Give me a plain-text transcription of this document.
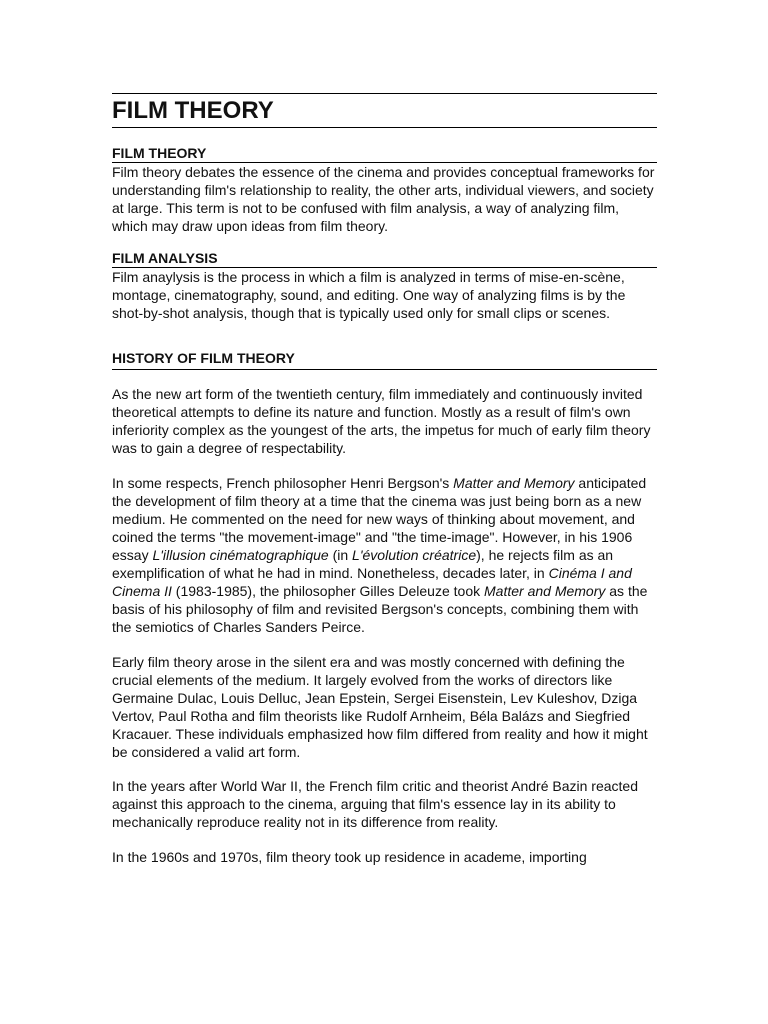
FILM THEORY
FILM THEORY

Film theory debates the essence of the cinema and provides conceptual frameworks for understanding film's relationship to reality, the other arts, individual viewers, and society at large. This term is not to be confused with film analysis, a way of analyzing film, which may draw upon ideas from film theory.

FILM ANALYSIS

Film anaylysis is the process in which a film is analyzed in terms of mise-en-scène, montage, cinematography, sound, and editing. One way of analyzing films is by the shot-by-shot analysis, though that is typically used only for small clips or scenes.

HISTORY OF FILM THEORY

As the new art form of the twentieth century, film immediately and continuously invited theoretical attempts to define its nature and function. Mostly as a result of film's own inferiority complex as the youngest of the arts, the impetus for much of early film theory was to gain a degree of respectability.

In some respects, French philosopher Henri Bergson's Matter and Memory anticipated the development of film theory at a time that the cinema was just being born as a new medium. He commented on the need for new ways of thinking about movement, and coined the terms "the movement-image" and "the time-image". However, in his 1906 essay L'illusion cinématographique (in L'évolution créatrice), he rejects film as an exemplification of what he had in mind. Nonetheless, decades later, in Cinéma I and Cinema II (1983-1985), the philosopher Gilles Deleuze took Matter and Memory as the basis of his philosophy of film and revisited Bergson's concepts, combining them with the semiotics of Charles Sanders Peirce.

Early film theory arose in the silent era and was mostly concerned with defining the crucial elements of the medium. It largely evolved from the works of directors like Germaine Dulac, Louis Delluc, Jean Epstein, Sergei Eisenstein, Lev Kuleshov, Dziga Vertov, Paul Rotha and film theorists like Rudolf Arnheim, Béla Balázs and Siegfried Kracauer. These individuals emphasized how film differed from reality and how it might be considered a valid art form.

In the years after World War II, the French film critic and theorist André Bazin reacted against this approach to the cinema, arguing that film's essence lay in its ability to mechanically reproduce reality not in its difference from reality.

In the 1960s and 1970s, film theory took up residence in academe, importing
